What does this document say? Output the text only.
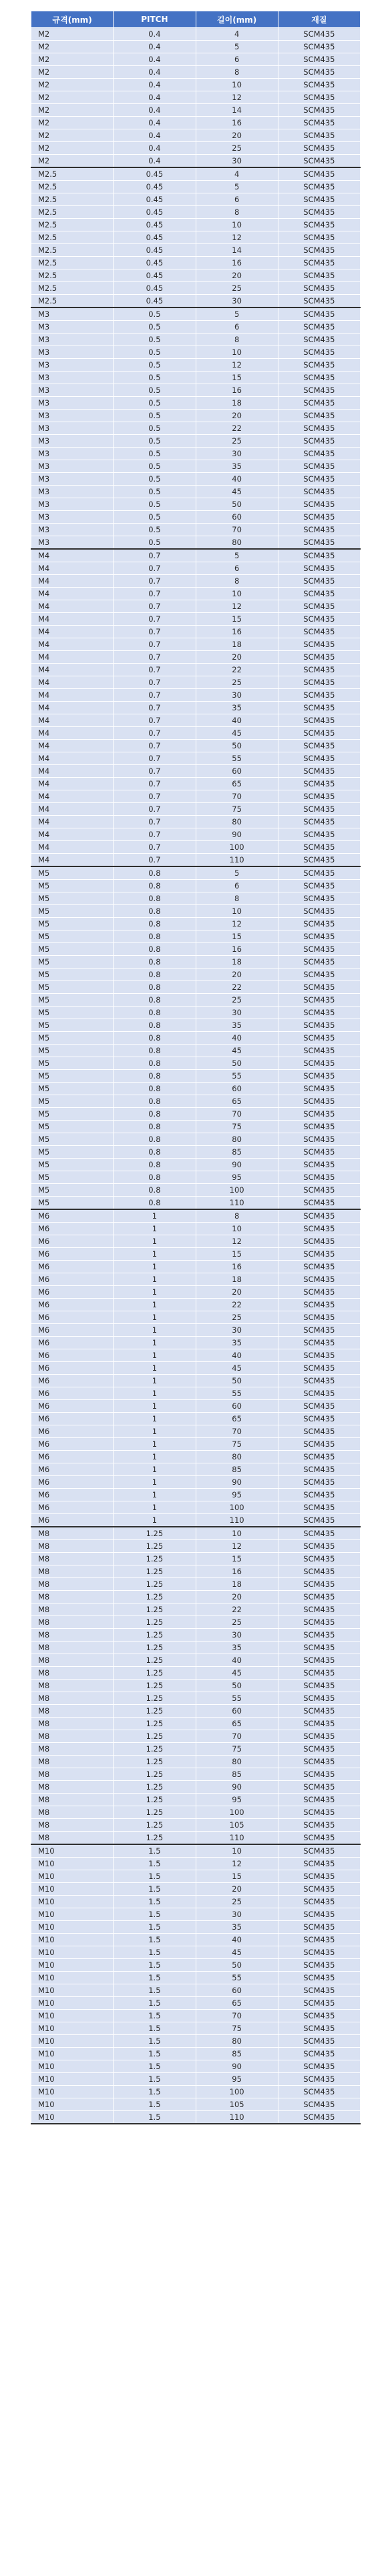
규격(mm)	PITCH	길이(mm)	재질
M2	0.4	4	SCM435
M2	0.4	5	SCM435
M2	0.4	6	SCM435
M2	0.4	8	SCM435
M2	0.4	10	SCM435
M2	0.4	12	SCM435
M2	0.4	14	SCM435
M2	0.4	16	SCM435
M2	0.4	20	SCM435
M2	0.4	25	SCM435
M2	0.4	30	SCM435
M2.5	0.45	4	SCM435
M2.5	0.45	5	SCM435
M2.5	0.45	6	SCM435
M2.5	0.45	8	SCM435
M2.5	0.45	10	SCM435
M2.5	0.45	12	SCM435
M2.5	0.45	14	SCM435
M2.5	0.45	16	SCM435
M2.5	0.45	20	SCM435
M2.5	0.45	25	SCM435
M2.5	0.45	30	SCM435
M3	0.5	5	SCM435
M3	0.5	6	SCM435
M3	0.5	8	SCM435
M3	0.5	10	SCM435
M3	0.5	12	SCM435
M3	0.5	15	SCM435
M3	0.5	16	SCM435
M3	0.5	18	SCM435
M3	0.5	20	SCM435
M3	0.5	22	SCM435
M3	0.5	25	SCM435
M3	0.5	30	SCM435
M3	0.5	35	SCM435
M3	0.5	40	SCM435
M3	0.5	45	SCM435
M3	0.5	50	SCM435
M3	0.5	60	SCM435
M3	0.5	70	SCM435
M3	0.5	80	SCM435
M4	0.7	5	SCM435
M4	0.7	6	SCM435
M4	0.7	8	SCM435
M4	0.7	10	SCM435
M4	0.7	12	SCM435
M4	0.7	15	SCM435
M4	0.7	16	SCM435
M4	0.7	18	SCM435
M4	0.7	20	SCM435
M4	0.7	22	SCM435
M4	0.7	25	SCM435
M4	0.7	30	SCM435
M4	0.7	35	SCM435
M4	0.7	40	SCM435
M4	0.7	45	SCM435
M4	0.7	50	SCM435
M4	0.7	55	SCM435
M4	0.7	60	SCM435
M4	0.7	65	SCM435
M4	0.7	70	SCM435
M4	0.7	75	SCM435
M4	0.7	80	SCM435
M4	0.7	90	SCM435
M4	0.7	100	SCM435
M4	0.7	110	SCM435
M5	0.8	5	SCM435
M5	0.8	6	SCM435
M5	0.8	8	SCM435
M5	0.8	10	SCM435
M5	0.8	12	SCM435
M5	0.8	15	SCM435
M5	0.8	16	SCM435
M5	0.8	18	SCM435
M5	0.8	20	SCM435
M5	0.8	22	SCM435
M5	0.8	25	SCM435
M5	0.8	30	SCM435
M5	0.8	35	SCM435
M5	0.8	40	SCM435
M5	0.8	45	SCM435
M5	0.8	50	SCM435
M5	0.8	55	SCM435
M5	0.8	60	SCM435
M5	0.8	65	SCM435
M5	0.8	70	SCM435
M5	0.8	75	SCM435
M5	0.8	80	SCM435
M5	0.8	85	SCM435
M5	0.8	90	SCM435
M5	0.8	95	SCM435
M5	0.8	100	SCM435
M5	0.8	110	SCM435
M6	1	8	SCM435
M6	1	10	SCM435
M6	1	12	SCM435
M6	1	15	SCM435
M6	1	16	SCM435
M6	1	18	SCM435
M6	1	20	SCM435
M6	1	22	SCM435
M6	1	25	SCM435
M6	1	30	SCM435
M6	1	35	SCM435
M6	1	40	SCM435
M6	1	45	SCM435
M6	1	50	SCM435
M6	1	55	SCM435
M6	1	60	SCM435
M6	1	65	SCM435
M6	1	70	SCM435
M6	1	75	SCM435
M6	1	80	SCM435
M6	1	85	SCM435
M6	1	90	SCM435
M6	1	95	SCM435
M6	1	100	SCM435
M6	1	110	SCM435
M8	1.25	10	SCM435
M8	1.25	12	SCM435
M8	1.25	15	SCM435
M8	1.25	16	SCM435
M8	1.25	18	SCM435
M8	1.25	20	SCM435
M8	1.25	22	SCM435
M8	1.25	25	SCM435
M8	1.25	30	SCM435
M8	1.25	35	SCM435
M8	1.25	40	SCM435
M8	1.25	45	SCM435
M8	1.25	50	SCM435
M8	1.25	55	SCM435
M8	1.25	60	SCM435
M8	1.25	65	SCM435
M8	1.25	70	SCM435
M8	1.25	75	SCM435
M8	1.25	80	SCM435
M8	1.25	85	SCM435
M8	1.25	90	SCM435
M8	1.25	95	SCM435
M8	1.25	100	SCM435
M8	1.25	105	SCM435
M8	1.25	110	SCM435
M10	1.5	10	SCM435
M10	1.5	12	SCM435
M10	1.5	15	SCM435
M10	1.5	20	SCM435
M10	1.5	25	SCM435
M10	1.5	30	SCM435
M10	1.5	35	SCM435
M10	1.5	40	SCM435
M10	1.5	45	SCM435
M10	1.5	50	SCM435
M10	1.5	55	SCM435
M10	1.5	60	SCM435
M10	1.5	65	SCM435
M10	1.5	70	SCM435
M10	1.5	75	SCM435
M10	1.5	80	SCM435
M10	1.5	85	SCM435
M10	1.5	90	SCM435
M10	1.5	95	SCM435
M10	1.5	100	SCM435
M10	1.5	105	SCM435
M10	1.5	110	SCM435
